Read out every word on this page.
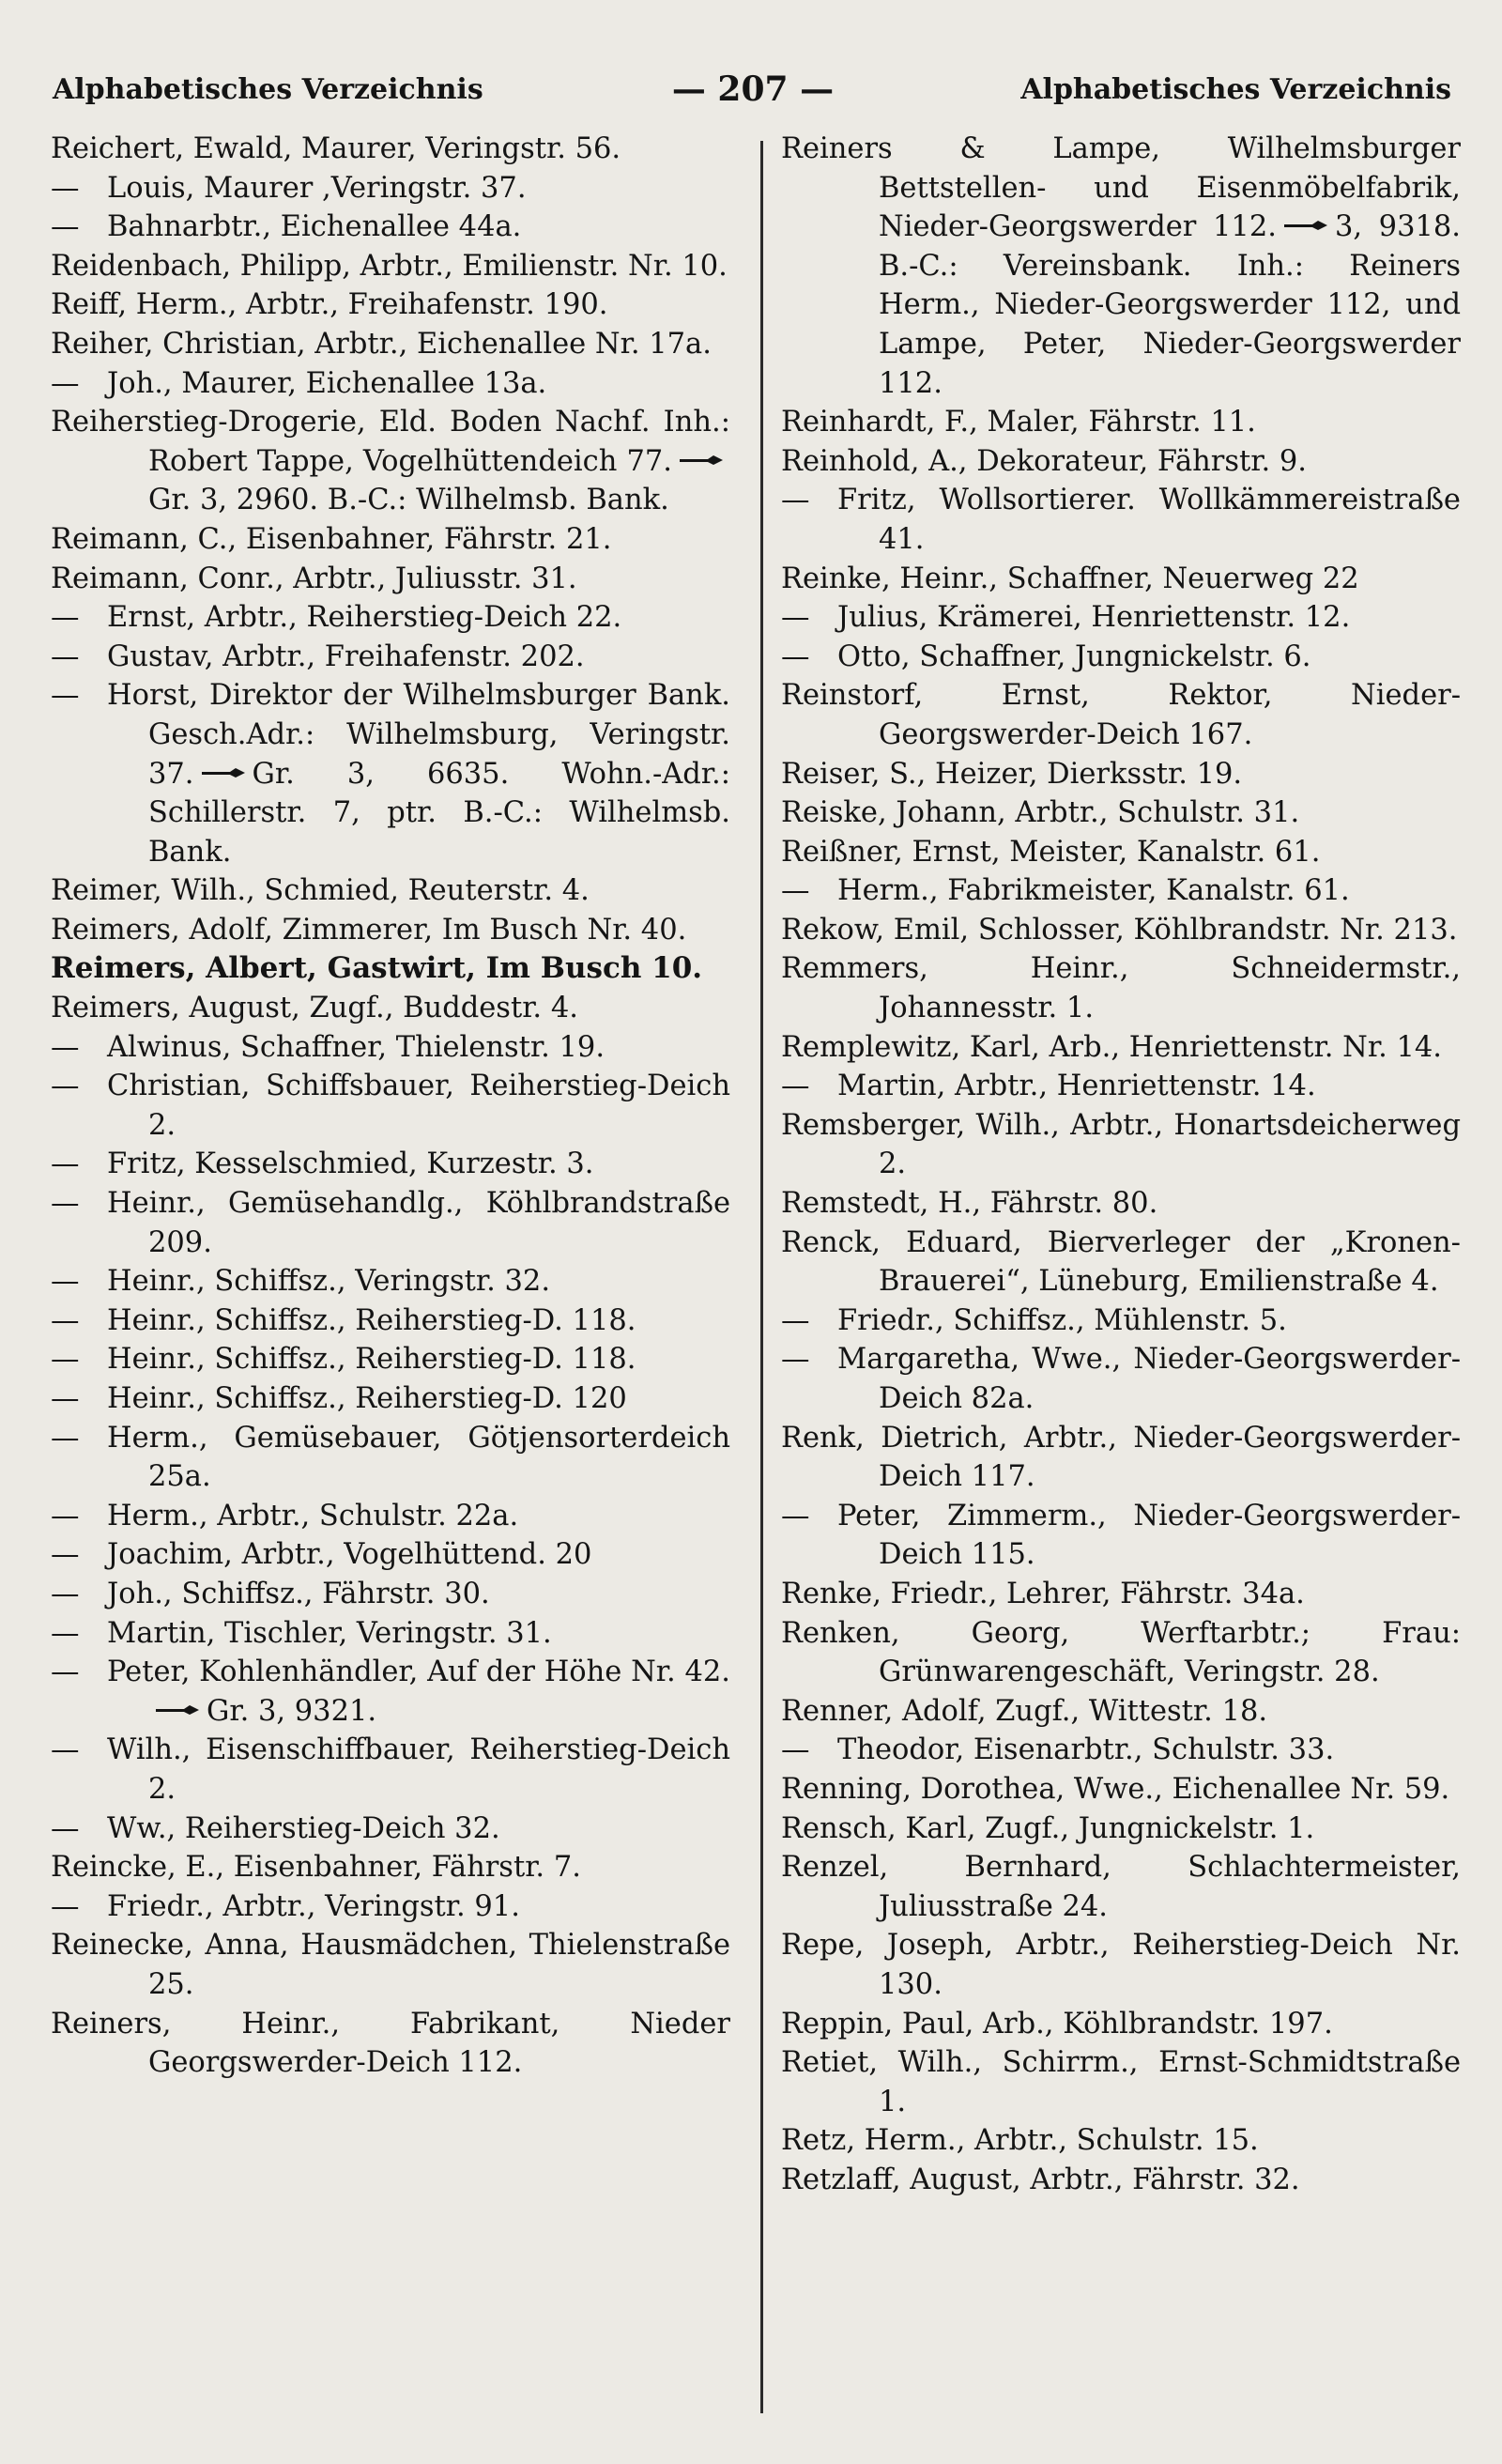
Alphabetisches Verzeichnis	— 207 —	Alphabetisches Verzeichnis
Reichert, Ewald, Maurer, Veringstr. 56.
— Louis, Maurer ,Veringstr. 37.
— Bahnarbtr., Eichenallee 44a.
Reidenbach, Philipp, Arbtr., Emilienstr. Nr. 10.
Reiff, Herm., Arbtr., Freihafenstr. 190.
Reiher, Christian, Arbtr., Eichenallee Nr. 17a.
— Joh., Maurer, Eichenallee 13a.
Reiherstieg-Drogerie, Eld. Boden Nachf. Inh.: Robert Tappe, Vogelhüttendeich 77.Gr. 3, 2960. B.-C.: Wilhelmsb. Bank.
Reimann, C., Eisenbahner, Fährstr. 21.
Reimann, Conr., Arbtr., Juliusstr. 31.
— Ernst, Arbtr., Reiherstieg-Deich 22.
— Gustav, Arbtr., Freihafenstr. 202.
— Horst, Direktor der Wilhelmsburger Bank. Gesch.Adr.: Wilhelmsburg, Veringstr. 37. Gr. 3, 6635. Wohn.-Adr.: Schillerstr. 7, ptr. B.-C.: Wilhelmsb. Bank.
Reimer, Wilh., Schmied, Reuterstr. 4.
Reimers, Adolf, Zimmerer, Im Busch Nr. 40.
Reimers, Albert, Gastwirt, Im Busch 10.
Reimers, August, Zugf., Buddestr. 4.
— Alwinus, Schaffner, Thielenstr. 19.
— Christian, Schiffsbauer, Reiherstieg-Deich 2.
— Fritz, Kesselschmied, Kurzestr. 3.
— Heinr., Gemüsehandlg., Köhlbrandstraße 209.
— Heinr., Schiffsz., Veringstr. 32.
— Heinr., Schiffsz., Reiherstieg-D. 118.
— Heinr., Schiffsz., Reiherstieg-D. 118.
— Heinr., Schiffsz., Reiherstieg-D. 120
— Herm., Gemüsebauer, Götjensorterdeich 25a.
— Herm., Arbtr., Schulstr. 22a.
— Joachim, Arbtr., Vogelhüttend. 20
— Joh., Schiffsz., Fährstr. 30.
— Martin, Tischler, Veringstr. 31.
— Peter, Kohlenhändler, Auf der Höhe Nr. 42.Gr. 3, 9321.
— Wilh., Eisenschiffbauer, Reiherstieg-Deich 2.
— Ww., Reiherstieg-Deich 32.
Reincke, E., Eisenbahner, Fährstr. 7.
— Friedr., Arbtr., Veringstr. 91.
Reinecke, Anna, Hausmädchen, Thielenstraße 25.
Reiners, Heinr., Fabrikant, Nieder Georgswerder-Deich 112.
Reiners & Lampe, Wilhelmsburger Bettstellen- und Eisenmöbelfabrik, Nieder-Georgswerder 112. 3, 9318. B.-C.: Vereinsbank. Inh.: Reiners Herm., Nieder-Georgswerder 112, und Lampe, Peter, Nieder-Georgswerder 112.
Reinhardt, F., Maler, Fährstr. 11.
Reinhold, A., Dekorateur, Fährstr. 9.
— Fritz, Wollsortierer. Wollkämmereistraße 41.
Reinke, Heinr., Schaffner, Neuerweg 22
— Julius, Krämerei, Henriettenstr. 12.
— Otto, Schaffner, Jungnickelstr. 6.
Reinstorf, Ernst, Rektor, Nieder-Georgswerder-Deich 167.
Reiser, S., Heizer, Dierksstr. 19.
Reiske, Johann, Arbtr., Schulstr. 31.
Reißner, Ernst, Meister, Kanalstr. 61.
— Herm., Fabrikmeister, Kanalstr. 61.
Rekow, Emil, Schlosser, Köhlbrandstr. Nr. 213.
Remmers, Heinr., Schneidermstr., Johannesstr. 1.
Remplewitz, Karl, Arb., Henriettenstr. Nr. 14.
— Martin, Arbtr., Henriettenstr. 14.
Remsberger, Wilh., Arbtr., Honartsdeicherweg 2.
Remstedt, H., Fährstr. 80.
Renck, Eduard, Bierverleger der „Kronen-Brauerei“, Lüneburg, Emilienstraße 4.
— Friedr., Schiffsz., Mühlenstr. 5.
— Margaretha, Wwe., Nieder-Georgswerder-Deich 82a.
Renk, Dietrich, Arbtr., Nieder-Georgswerder-Deich 117.
— Peter, Zimmerm., Nieder-Georgswerder-Deich 115.
Renke, Friedr., Lehrer, Fährstr. 34a.
Renken, Georg, Werftarbtr.; Frau: Grünwarengeschäft, Veringstr. 28.
Renner, Adolf, Zugf., Wittestr. 18.
— Theodor, Eisenarbtr., Schulstr. 33.
Renning, Dorothea, Wwe., Eichenallee Nr. 59.
Rensch, Karl, Zugf., Jungnickelstr. 1.
Renzel, Bernhard, Schlachtermeister, Juliusstraße 24.
Repe, Joseph, Arbtr., Reiherstieg-Deich Nr. 130.
Reppin, Paul, Arb., Köhlbrandstr. 197.
Retiet, Wilh., Schirrm., Ernst-Schmidtstraße 1.
Retz, Herm., Arbtr., Schulstr. 15.
Retzlaff, August, Arbtr., Fährstr. 32.
